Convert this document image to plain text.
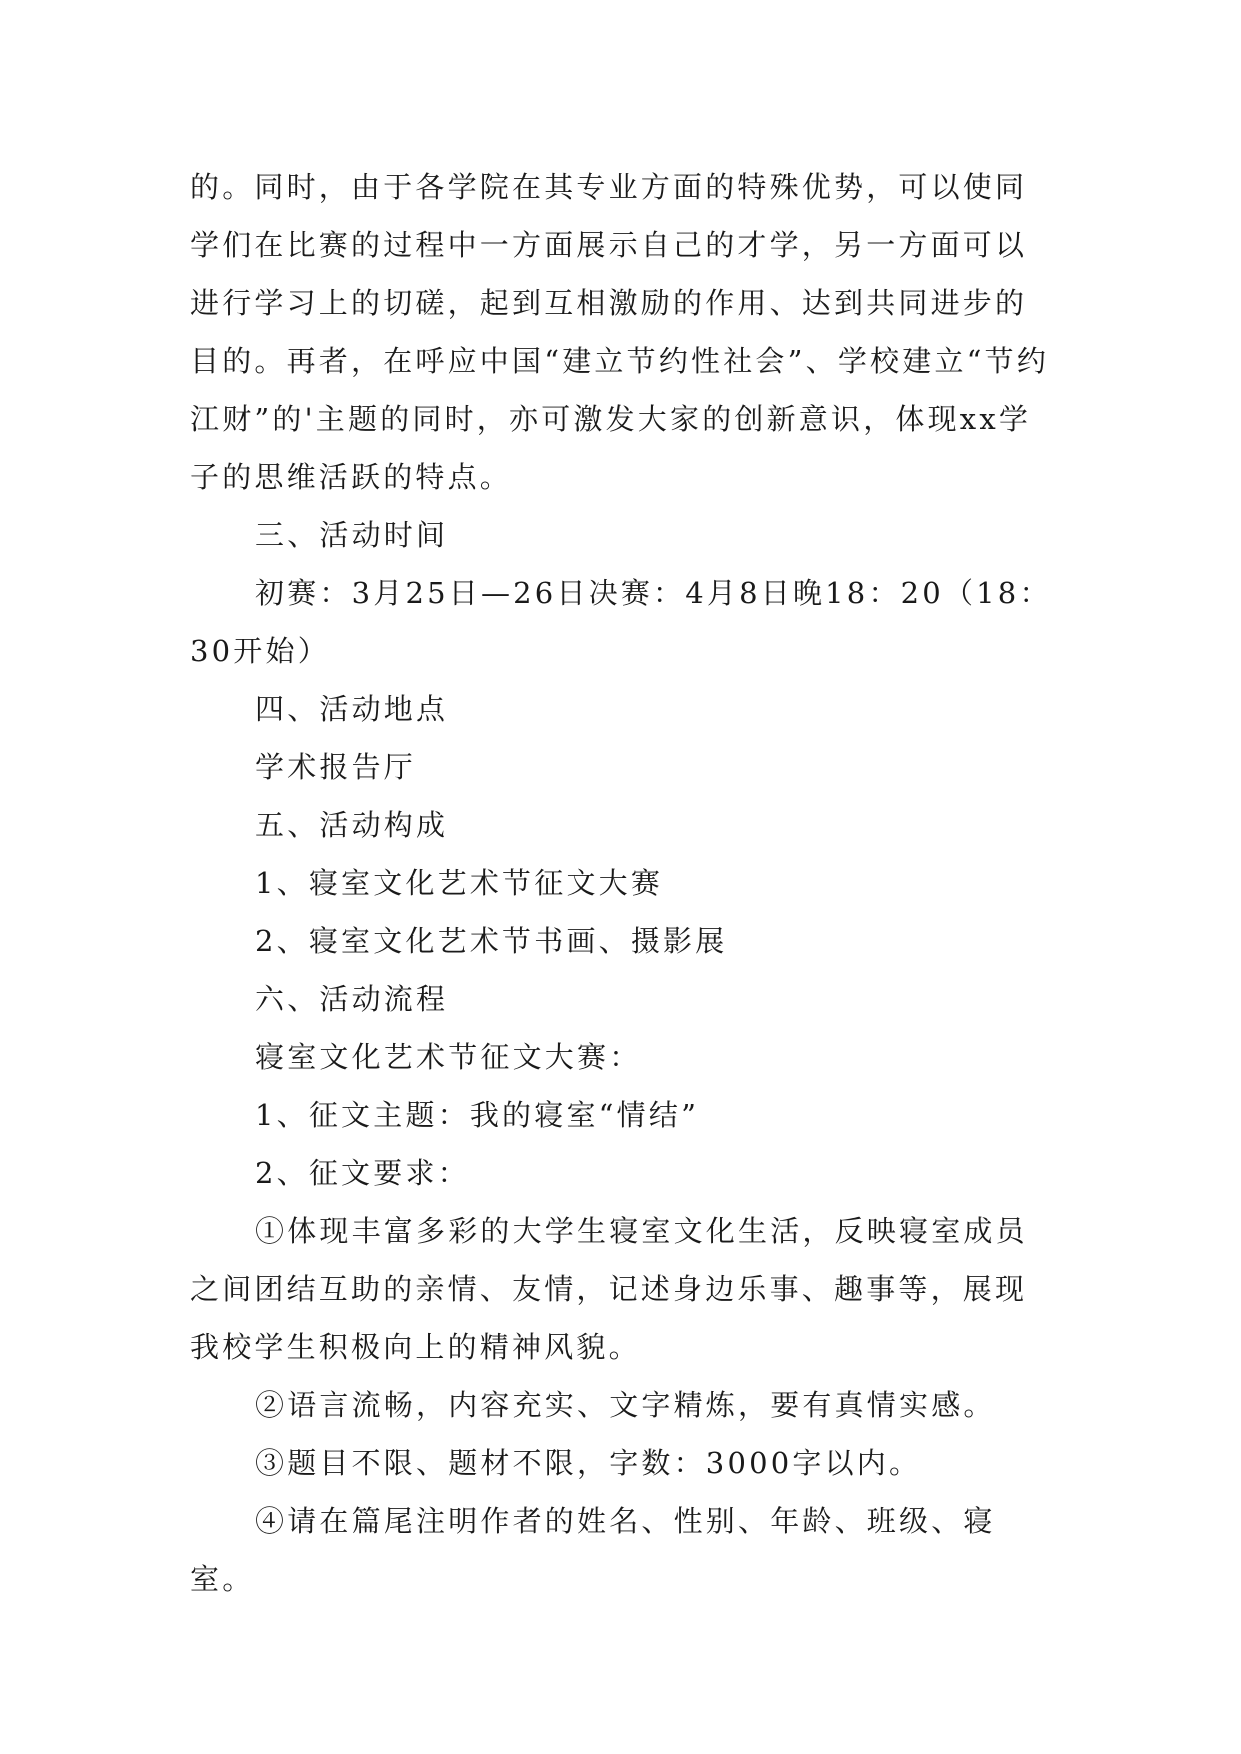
的。同时，由于各学院在其专业方面的特殊优势，可以使同学们在比赛的过程中一方面展示自己的才学，另一方面可以进行学习上的切磋，起到互相激励的作用、达到共同进步的目的。再者，在呼应中国“建立节约性社会”、学校建立“节约江财”的'主题的同时，亦可激发大家的创新意识，体现xx学子的思维活跃的特点。

三、活动时间

初赛：3月25日—26日决赛：4月8日晚18：20（18：30开始）

四、活动地点

学术报告厅

五、活动构成

1、寝室文化艺术节征文大赛

2、寝室文化艺术节书画、摄影展

六、活动流程

寝室文化艺术节征文大赛：

1、征文主题：我的寝室“情结”

2、征文要求：

①体现丰富多彩的大学生寝室文化生活，反映寝室成员之间团结互助的亲情、友情，记述身边乐事、趣事等，展现我校学生积极向上的精神风貌。

②语言流畅，内容充实、文字精炼，要有真情实感。

③题目不限、题材不限，字数：3000字以内。

④请在篇尾注明作者的姓名、性别、年龄、班级、寝室。
